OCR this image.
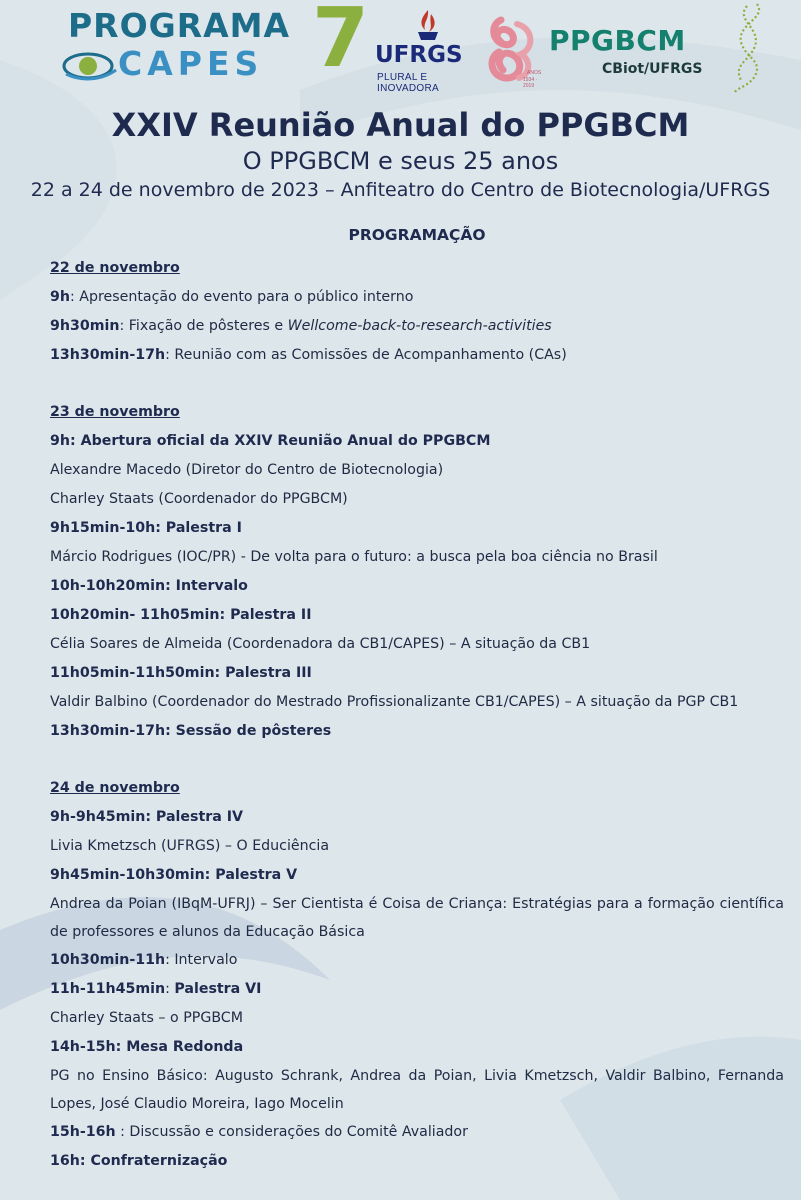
PROGRAMA
CAPES 7 UFRGS
PLURAL E INOVADORA
ANOS
1934 · 2019
PPGBCM
CBiot/UFRGS
XXIV Reunião Anual do PPGBCM
O PPGBCM e seus 25 anos
22 a 24 de novembro de 2023 – Anfiteatro do Centro de Biotecnologia/UFRGS
PROGRAMAÇÃO
22 de novembro
9h: Apresentação do evento para o público interno
9h30min: Fixação de pôsteres e Wellcome-back-to-research-activities
13h30min-17h: Reunião com as Comissões de Acompanhamento (CAs)
23 de novembro
9h: Abertura oficial da XXIV Reunião Anual do PPGBCM
Alexandre Macedo (Diretor do Centro de Biotecnologia)
Charley Staats (Coordenador do PPGBCM)
9h15min-10h: Palestra I
Márcio Rodrigues (IOC/PR) - De volta para o futuro: a busca pela boa ciência no Brasil
10h-10h20min: Intervalo
10h20min- 11h05min: Palestra II
Célia Soares de Almeida (Coordenadora da CB1/CAPES) – A situação da CB1
11h05min-11h50min: Palestra III
Valdir Balbino (Coordenador do Mestrado Profissionalizante CB1/CAPES) – A situação da PGP CB1
13h30min-17h: Sessão de pôsteres
24 de novembro
9h-9h45min: Palestra IV
Livia Kmetzsch (UFRGS) – O Educiência
9h45min-10h30min: Palestra V
Andrea da Poian (IBqM-UFRJ) – Ser Cientista é Coisa de Criança: Estratégias para a formação científica de professores e alunos da Educação Básica
10h30min-11h: Intervalo
11h-11h45min: Palestra VI
Charley Staats – o PPGBCM
14h-15h: Mesa Redonda
PG no Ensino Básico: Augusto Schrank, Andrea da Poian, Livia Kmetzsch, Valdir Balbino, Fernanda Lopes, José Claudio Moreira, Iago Mocelin
15h-16h : Discussão e considerações do Comitê Avaliador
16h: Confraternização
